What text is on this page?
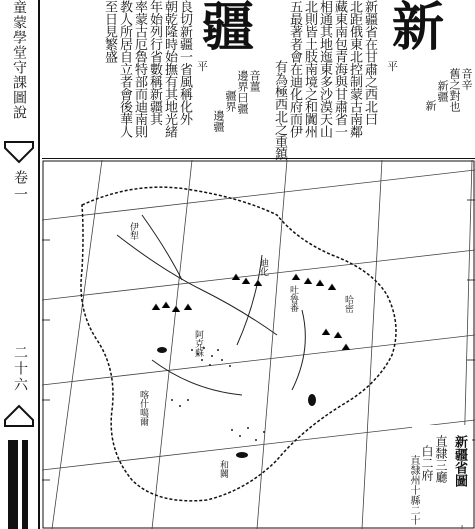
童蒙學堂守課圖說
卷一
二十六
新
平
音辛
舊之對也
新疆
新
新疆省在甘肅之西北曰
北距俄東北控制蒙古南鄰
藏東南包青海與甘肅省一
相通其地迤東多沙漠天山
北則皆土肢南境之和闐州
五最著者會在迪化府而伊
有為極西北之重鎮
疆
平
音薑
邊界曰疆
疆界
邊疆
良切新疆一省風稱化外
朝乾隆時始撫有其地光緒
年始列行省數稱新疆其
率蒙古厄魯特部而迪南則
教人所居自立者會後華人
至日見繁盛
伊犁
迪化
哈密
吐魯番
喀什噶爾
和闐
阿克蘇
新疆省圖
直隸三廳
白二府
直隸州十縣二十
